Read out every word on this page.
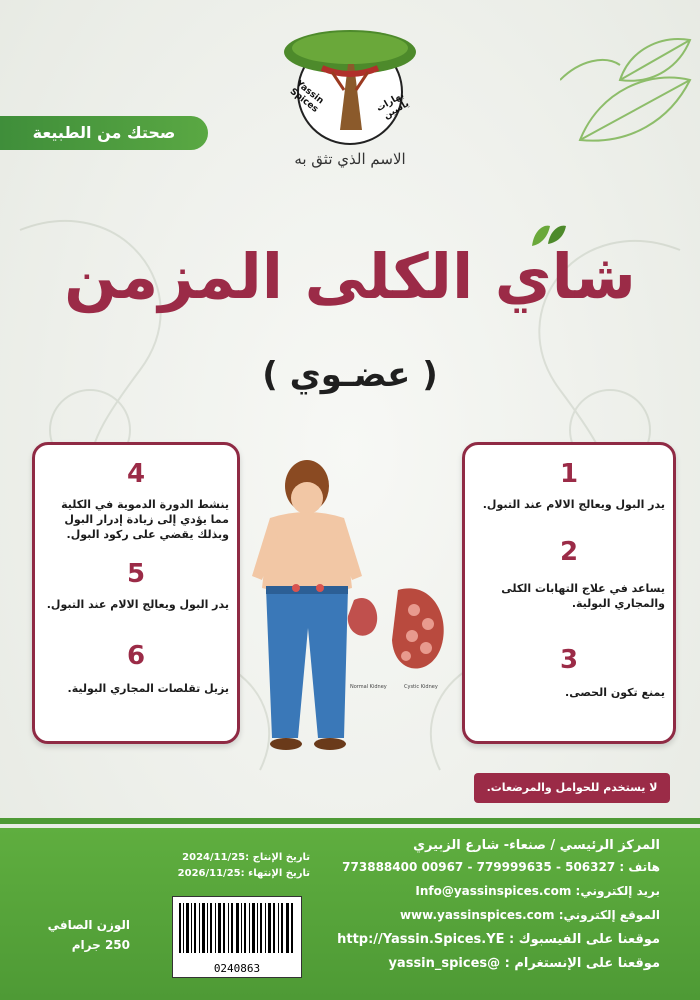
Yassin Spices	بهارات ياسين
الاسم الذي تثق به
صحتك من الطبيعة
شاي الكلى المزمن
( عضـوي )
4
ينشط الدورة الدموية في الكلية مما يؤدي إلى زيادة إدرار البول وبذلك يقضي على ركود البول.
5
يدر البول ويعالج الالام عند التبول.
6
يزيل تقلصات المجاري البولية.
1
يدر البول ويعالج الالام عند التبول.
2
يساعد في علاج التهابات الكلى والمجاري البولية.
3
يمنع تكون الحصى.
Normal Kidney	Cystic Kidney
لا يستخدم للحوامل والمرضعات.
المركز الرئيسي / صنعاء- شارع الزبيري
هاتف : 506327 - 779999635 - 00967 773888400
بريد إلكتروني: Info@yassinspices.com
الموقع إلكتروني: www.yassinspices.com
موقعنا على الفيسبوك : http://Yassin.Spices.YE
موقعنا على الإنستغرام : @yassin_spices
تاريخ الإنتاج :2024/11/25
تاريخ الإنتهاء :2026/11/25
0240863
الوزن الصافي
250 جرام
